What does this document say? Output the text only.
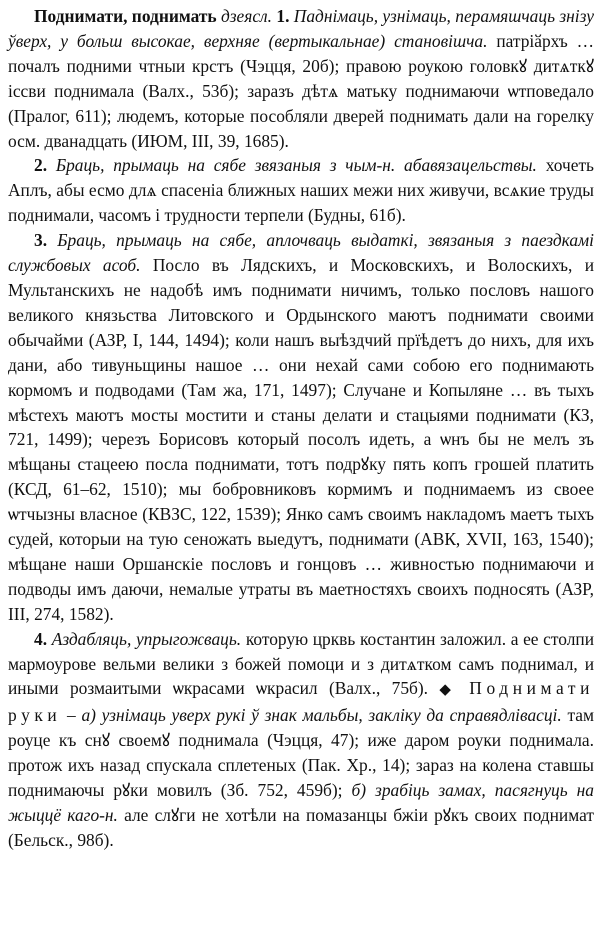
Поднимати, поднимать дзеясл. 1. Паднімаць, узнімаць, перамяшчаць знізу ўверх, у больш высокае, верхняе (вертыкальнае) становішча. патріӑрхъ … почалъ подними чтныи крстъ (Чэцця, 20б); правою роукою головкꙋ дитѧткꙋ іссви поднимала (Валх., 53б); заразъ дѣтѧ матьку поднимаючи ѡтповедало (Пралог, 611); людемъ, которые пособляли дверей поднимать дали на горелку осм. дванадцать (ИЮМ, III, 39, 1685).

2. Браць, прымаць на сябе звязаныя з чым-н. абавязацельствы. хочеть Аплъ, абы есмо длѧ спасеніа ближных наших межи них живучи, всѧкие труды поднимали, часомъ і трудности терпели (Будны, 61б).

3. Браць, прымаць на сябе, аплочваць выдаткі, звязаныя з паездкамі службовых асоб. Посло въ Лядскихъ, и Московскихъ, и Волоскихъ, и Мультанскихъ не надобѣ имъ поднимати ничимъ, только пословъ нашого великого князьства Литовского и Ордынского маютъ поднимати своими обычайми (АЗР, I, 144, 1494); коли нашъ выѣздчий прїѣдетъ до нихъ, для ихъ дани, або тивуньщины нашое … они нехай сами собою его поднимають кормомъ и подводами (Там жа, 171, 1497); Случане и Копыляне … въ тыхъ мѣстехъ маютъ мосты мостити и станы делати и стацыями поднимати (КЗ, 721, 1499); черезъ Борисовъ который посолъ идеть, а ѡнъ бы не мелъ зъ мѣщаны стацеею посла поднимати, тотъ подрꙋку пять копъ грошей платить (КСД, 61–62, 1510); мы бобровниковъ кормимъ и поднимаемъ из своее ѡтчызны власное (КВЗС, 122, 1539); Янко самъ своимъ накладомъ маетъ тыхъ судей, которыи на тую сеножать выедутъ, поднимати (АВК, XVII, 163, 1540); мѣщане наши Оршанскіе пословъ и гонцовъ … живностью поднимаючи и подводы имъ даючи, немалые утраты въ маетностяхъ своихъ подносять (АЗР, III, 274, 1582).

4. Аздабляць, упрыгожваць. которую црквь костантин заложил. а ее столпи мармоуровe вельми велики з божей помоци и з дитѧтком самъ поднимал, и иными розмаитыми ѡкрасами ѡкрасил (Валх., 75б). ◆ Поднимати руки – а) узнімаць уверх рукі ў знак мальбы, заклiку да справядлівасці. там роуце къ снꙋ своемꙋ поднимала (Чэцця, 47); иже даром роуки поднимала. протож ихъ назад спускала сплетеных (Пак. Хр., 14); зараз на колена ставшы поднимаючы рꙋки мовилъ (Зб. 752, 459б); б) зрабіць замах, пасягнуць на жыццё каго-н. але слꙋги не хотѣли на помазанцы бжіи рꙋкъ своих поднимат (Бельск., 98б).
